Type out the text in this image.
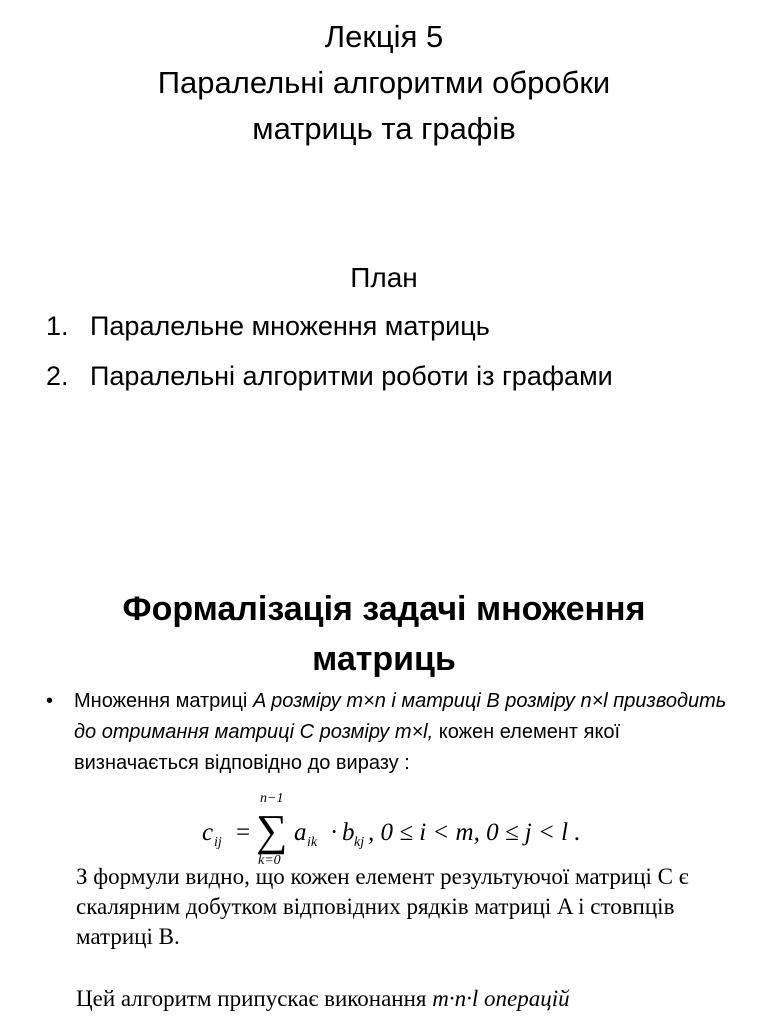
Лекція 5
Паралельні алгоритми обробки
матриць та графів
План
1. Паралельне множення матриць
2. Паралельні алгоритми роботи із графами
Формалізація задачі множення
матриць
• Множення матриці A розміру m×n і матриці B розміру n×l призводить до отримання матриці C розміру m×l, кожен елемент якої визначається відповідно до виразу :
c ij = ∑
n−1
k=0
a ik · b kj , 0 ≤ i < m, 0 ≤ j < l .
З формули видно, що кожен елемент результуючої матриці С є скалярним добутком відповідних рядків матриці A і стовпців матриці B.
Цей алгоритм припускає виконання m·n·l операцій
